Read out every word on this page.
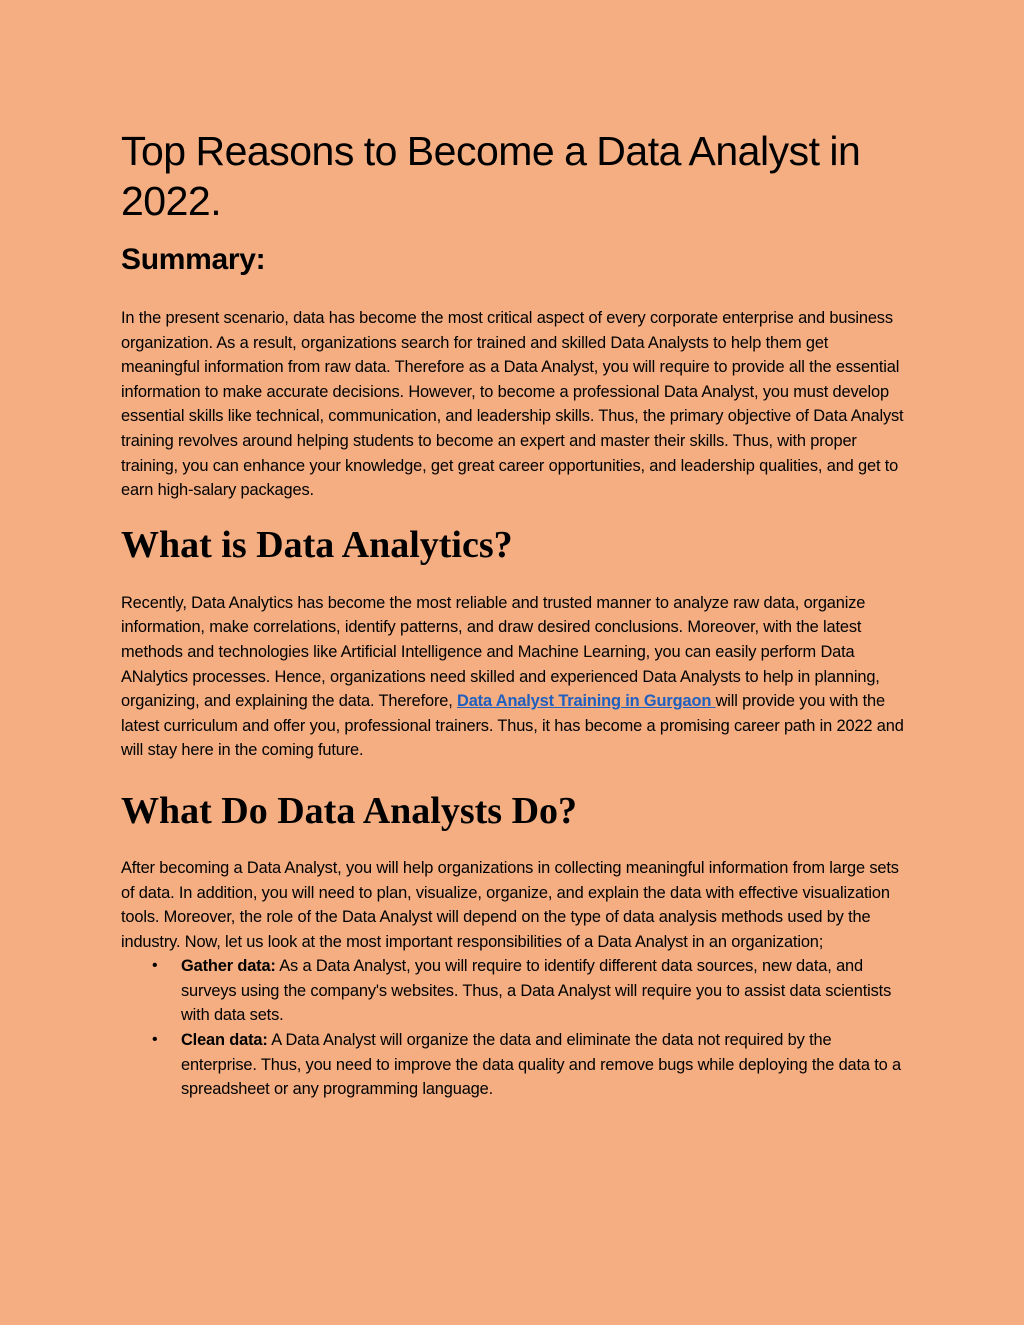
Top Reasons to Become a Data Analyst in 2022.
Summary:

In the present scenario, data has become the most critical aspect of every corporate enterprise and business organization. As a result, organizations search for trained and skilled Data Analysts to help them get meaningful information from raw data. Therefore as a Data Analyst, you will require to provide all the essential information to make accurate decisions. However, to become a professional Data Analyst, you must develop essential skills like technical, communication, and leadership skills. Thus, the primary objective of Data Analyst training revolves around helping students to become an expert and master their skills. Thus, with proper training, you can enhance your knowledge, get great career opportunities, and leadership qualities, and get to earn high-salary packages.

What is Data Analytics?

Recently, Data Analytics has become the most reliable and trusted manner to analyze raw data, organize information, make correlations, identify patterns, and draw desired conclusions. Moreover, with the latest methods and technologies like Artificial Intelligence and Machine Learning, you can easily perform Data ANalytics processes. Hence, organizations need skilled and experienced Data Analysts to help in planning, organizing, and explaining the data. Therefore, Data Analyst Training in Gurgaon will provide you with the latest curriculum and offer you, professional trainers. Thus, it has become a promising career path in 2022 and will stay here in the coming future.

What Do Data Analysts Do?

After becoming a Data Analyst, you will help organizations in collecting meaningful information from large sets of data. In addition, you will need to plan, visualize, organize, and explain the data with effective visualization tools. Moreover, the role of the Data Analyst will depend on the type of data analysis methods used by the industry. Now, let us look at the most important responsibilities of a Data Analyst in an organization;

• Gather data: As a Data Analyst, you will require to identify different data sources, new data, and surveys using the company's websites. Thus, a Data Analyst will require you to assist data scientists with data sets.
• Clean data: A Data Analyst will organize the data and eliminate the data not required by the enterprise. Thus, you need to improve the data quality and remove bugs while deploying the data to a spreadsheet or any programming language.
